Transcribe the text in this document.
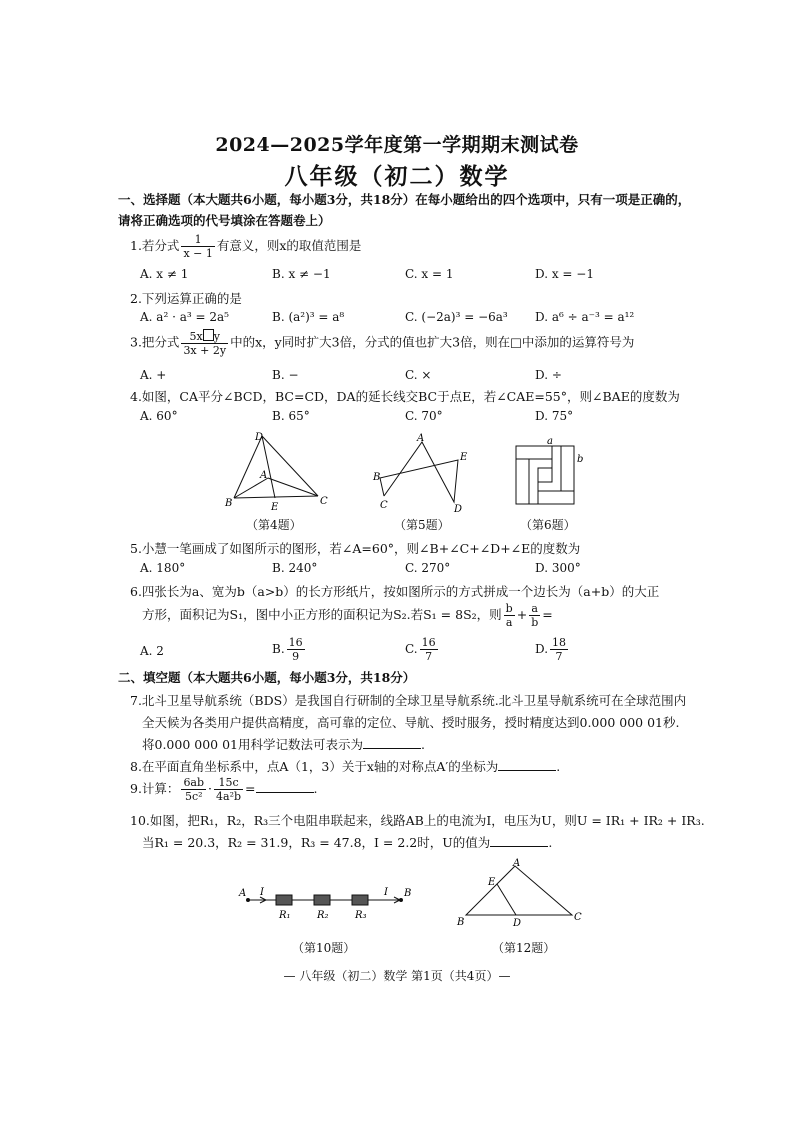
2024—2025学年度第一学期期末测试卷
八年级（初二）数学
一、选择题（本大题共6小题，每小题3分，共18分）在每小题给出的四个选项中，只有一项是正确的，请将正确选项的代号填涂在答题卷上）
1.若分式 $\frac{1}{x - 1}$ 有意义，则x的取值范围是
A. x ≠ 1	B. x ≠ −1	C. x = 1	D. x = −1
2.下列运算正确的是
A. a² · a³ = 2a⁵	B. (a²)³ = a⁸	C. (−2a)³ = −6a³ D. a⁶ ÷ a⁻³ = a¹²
3.把分式 $\frac{\text{5x y}}{3x + 2y}$ 中的x，y同时扩大3倍，分式的值也扩大3倍，则在□中添加的运算符号为
A. +	B. −	C. ×	D. ÷
4.如图，CA平分∠BCD，BC=CD，DA的延长线交BC于点E，若∠CAE=55°，则∠BAE的度数为
A. 60°	B. 65°	C. 70°	D. 75°
D
A
B	E
C
（第4题）
A
E
B
C	D
（第5题）
a
b
（第6题）
5.小慧一笔画成了如图所示的图形，若∠A=60°，则∠B+∠C+∠D+∠E的度数为
A. 180°	B. 240°	C. 270°	D. 300°
6.四张长为a、宽为b（a>b）的长方形纸片，按如图所示的方式拼成一个边长为（a+b）的大正
方形，面积记为S₁，图中小正方形的面积记为S₂.若S₁ = 8S₂，则 $\frac{b}{a} + \frac{a}{b}$ =
A. 2	B. $\frac{16}{9}$	C. $\frac{16}{7}$	D. $\frac{18}{7}$
二、填空题（本大题共6小题，每小题3分，共18分）
7.北斗卫星导航系统（BDS）是我国自行研制的全球卫星导航系统.北斗卫星导航系统可在全球范围内
全天候为各类用户提供高精度，高可靠的定位、导航、授时服务，授时精度达到0.000 000 01秒.
将0.000 000 01用科学记数法可表示为	.
8.在平面直角坐标系中，点A（1，3）关于x轴的对称点A′的坐标为	.
9.计算： $\frac{6ab}{\text{5c²}} \cdot \frac{15c}{\text{4a²b}}$ =	.
10.如图，把R₁，R₂，R₃三个电阻串联起来，线路AB上的电流为I，电压为U，则U = IR₁ + IR₂ + IR₃.
当R₁ = 20.3，R₂ = 31.9，R₃ = 47.8，I = 2.2时，U的值为	.
A I	I B
R₁	R₂	R₃
（第10题）
A
E
B	D
C
（第12题）
— 八年级（初二）数学 第1页（共4页）—
